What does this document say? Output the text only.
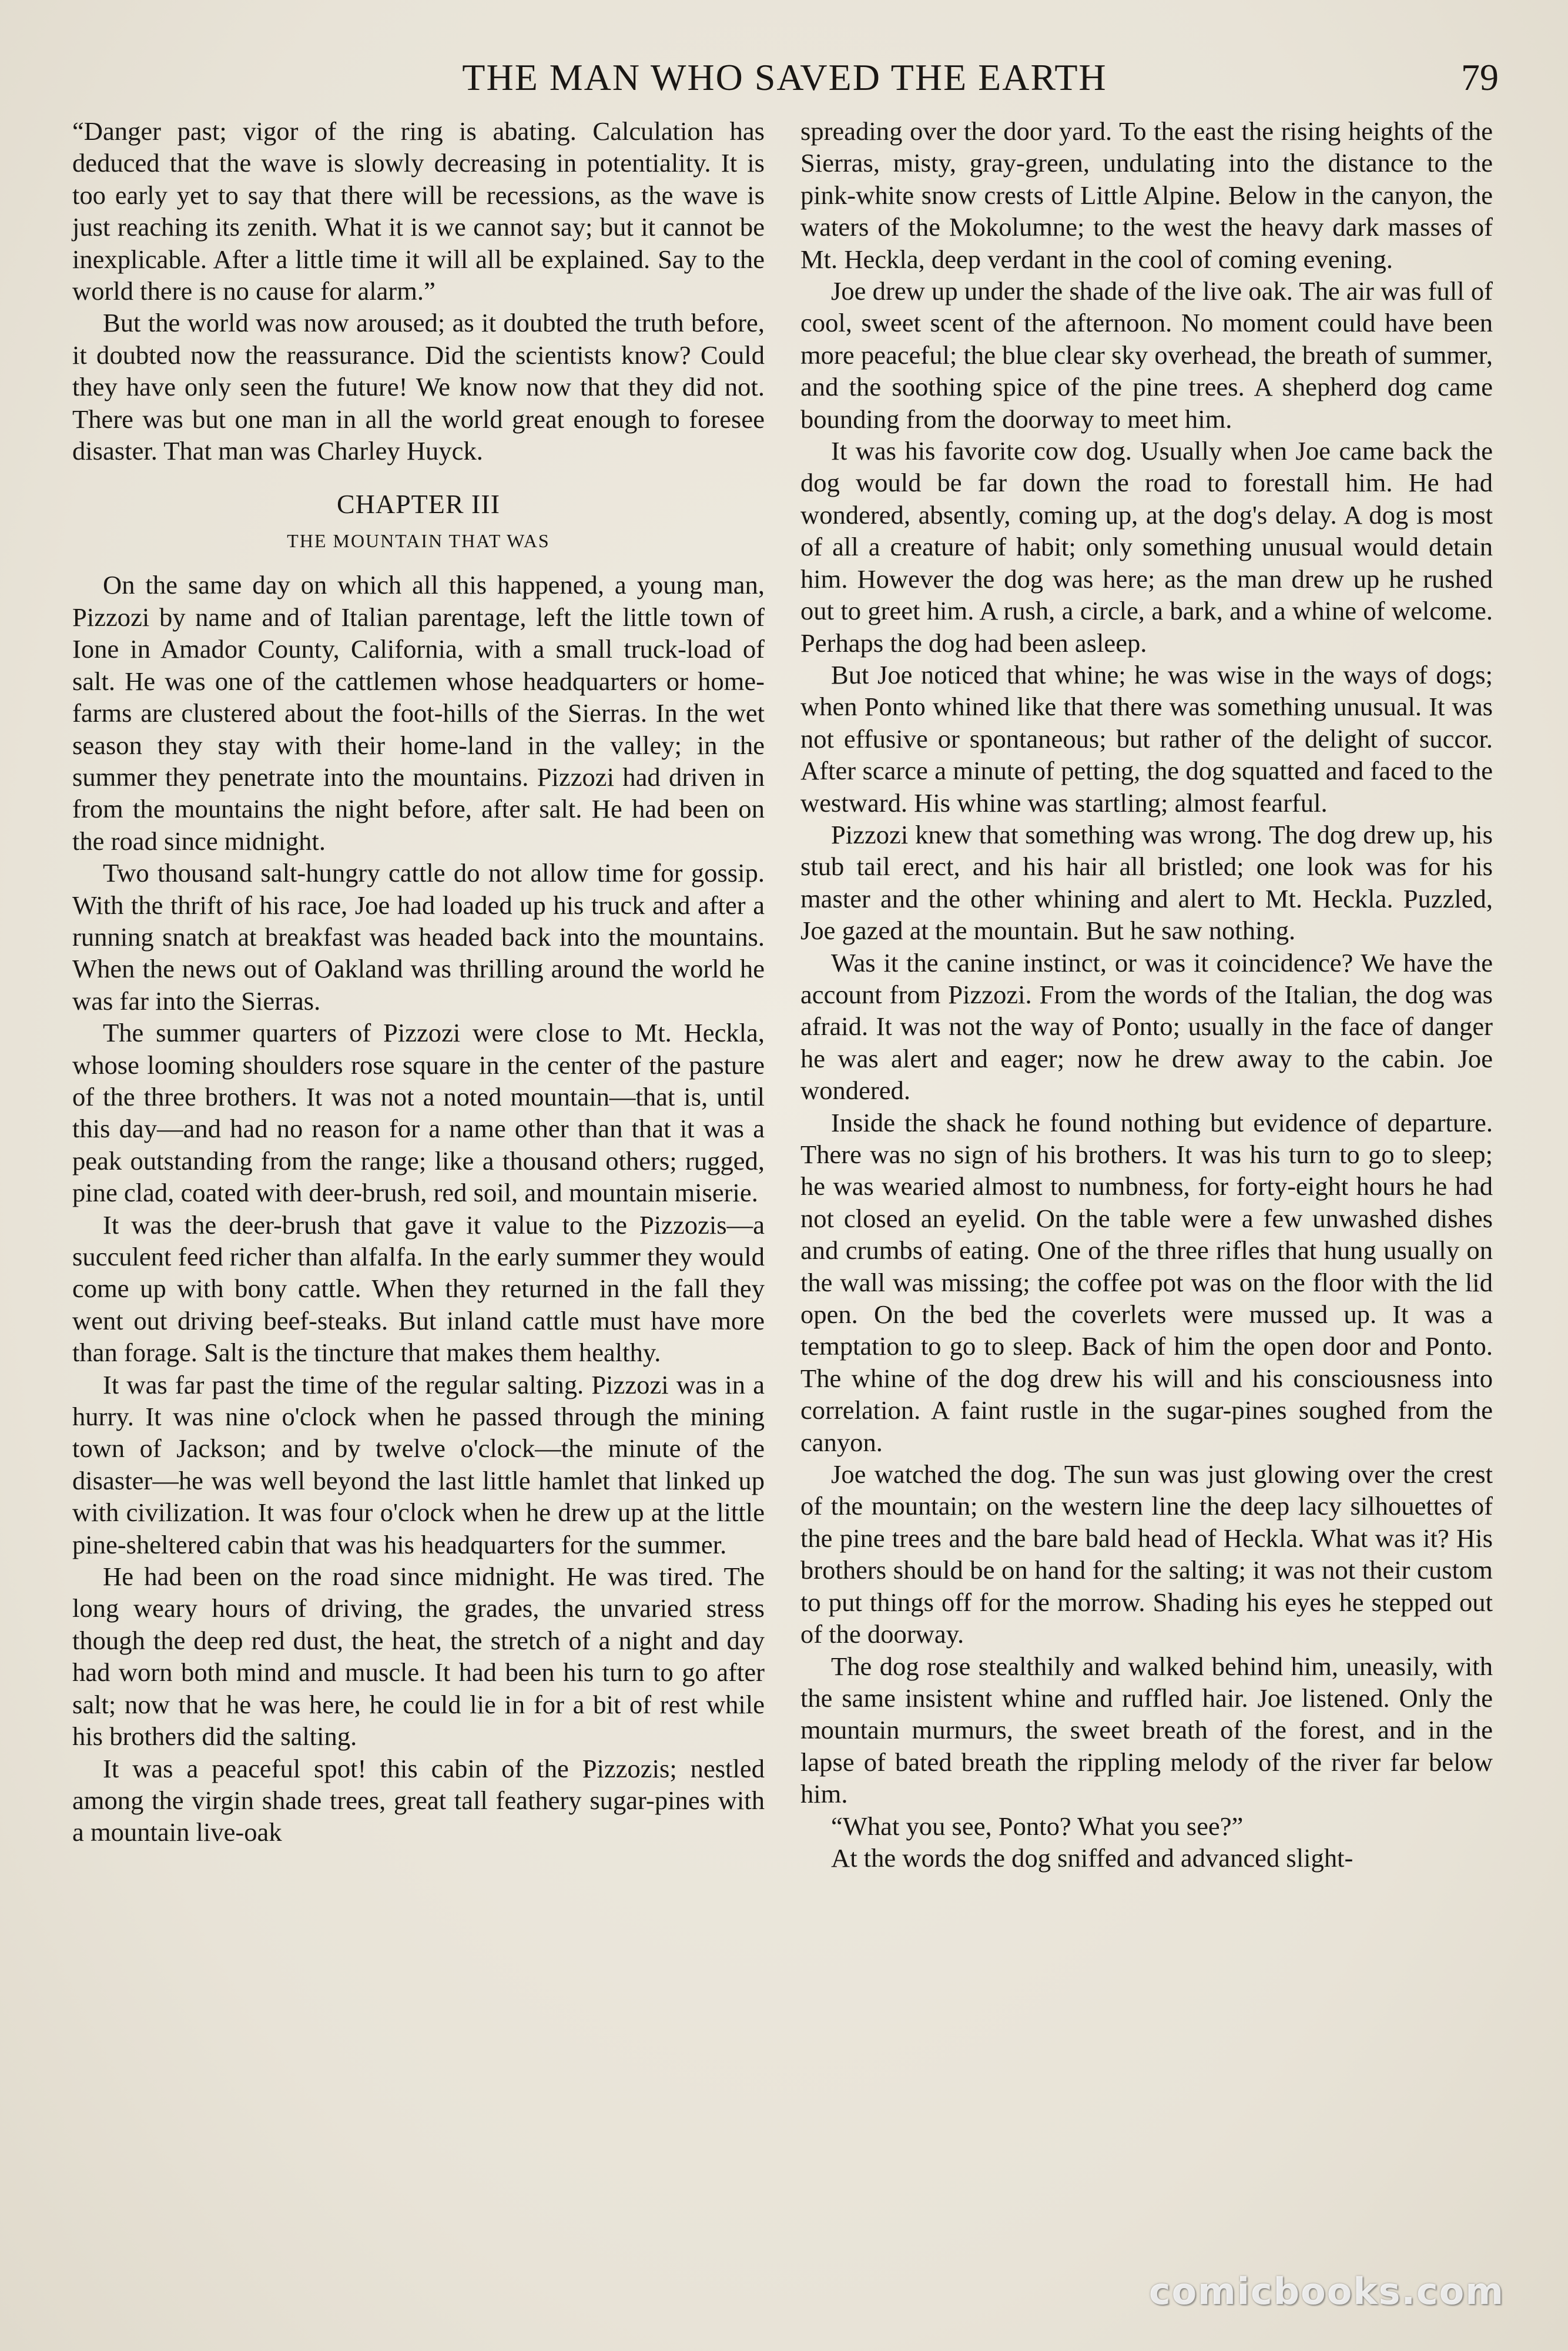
THE MAN WHO SAVED THE EARTH	79

“Danger past; vigor of the ring is abating. Calculation has deduced that the wave is slowly decreasing in potentiality. It is too early yet to say that there will be recessions, as the wave is just reaching its zenith. What it is we cannot say; but it cannot be inexplicable. After a little time it will all be explained. Say to the world there is no cause for alarm.”

But the world was now aroused; as it doubted the truth before, it doubted now the reassurance. Did the scientists know? Could they have only seen the future! We know now that they did not. There was but one man in all the world great enough to foresee disaster. That man was Charley Huyck.

CHAPTER III
THE MOUNTAIN THAT WAS

On the same day on which all this happened, a young man, Pizzozi by name and of Italian parentage, left the little town of Ione in Amador County, California, with a small truck-load of salt. He was one of the cattlemen whose headquarters or home-farms are clustered about the foot-hills of the Sierras. In the wet season they stay with their home-land in the valley; in the summer they penetrate into the mountains. Pizzozi had driven in from the mountains the night before, after salt. He had been on the road since midnight.

Two thousand salt-hungry cattle do not allow time for gossip. With the thrift of his race, Joe had loaded up his truck and after a running snatch at breakfast was headed back into the mountains. When the news out of Oakland was thrilling around the world he was far into the Sierras.

The summer quarters of Pizzozi were close to Mt. Heckla, whose looming shoulders rose square in the center of the pasture of the three brothers. It was not a noted mountain—that is, until this day—and had no reason for a name other than that it was a peak outstanding from the range; like a thousand others; rugged, pine clad, coated with deer-brush, red soil, and mountain miserie.

It was the deer-brush that gave it value to the Pizzozis—a succulent feed richer than alfalfa. In the early summer they would come up with bony cattle. When they returned in the fall they went out driving beef-steaks. But inland cattle must have more than forage. Salt is the tincture that makes them healthy.

It was far past the time of the regular salting. Pizzozi was in a hurry. It was nine o'clock when he passed through the mining town of Jackson; and by twelve o'clock—the minute of the disaster—he was well beyond the last little hamlet that linked up with civilization. It was four o'clock when he drew up at the little pine-sheltered cabin that was his headquarters for the summer.

He had been on the road since midnight. He was tired. The long weary hours of driving, the grades, the unvaried stress though the deep red dust, the heat, the stretch of a night and day had worn both mind and muscle. It had been his turn to go after salt; now that he was here, he could lie in for a bit of rest while his brothers did the salting.

It was a peaceful spot! this cabin of the Pizzozis; nestled among the virgin shade trees, great tall feathery sugar-pines with a mountain live-oak

spreading over the door yard. To the east the rising heights of the Sierras, misty, gray-green, undulating into the distance to the pink-white snow crests of Little Alpine. Below in the canyon, the waters of the Mokolumne; to the west the heavy dark masses of Mt. Heckla, deep verdant in the cool of coming evening.

Joe drew up under the shade of the live oak. The air was full of cool, sweet scent of the afternoon. No moment could have been more peaceful; the blue clear sky overhead, the breath of summer, and the soothing spice of the pine trees. A shepherd dog came bounding from the doorway to meet him.

It was his favorite cow dog. Usually when Joe came back the dog would be far down the road to forestall him. He had wondered, absently, coming up, at the dog's delay. A dog is most of all a creature of habit; only something unusual would detain him. However the dog was here; as the man drew up he rushed out to greet him. A rush, a circle, a bark, and a whine of welcome. Perhaps the dog had been asleep.

But Joe noticed that whine; he was wise in the ways of dogs; when Ponto whined like that there was something unusual. It was not effusive or spontaneous; but rather of the delight of succor. After scarce a minute of petting, the dog squatted and faced to the westward. His whine was startling; almost fearful.

Pizzozi knew that something was wrong. The dog drew up, his stub tail erect, and his hair all bristled; one look was for his master and the other whining and alert to Mt. Heckla. Puzzled, Joe gazed at the mountain. But he saw nothing.

Was it the canine instinct, or was it coincidence? We have the account from Pizzozi. From the words of the Italian, the dog was afraid. It was not the way of Ponto; usually in the face of danger he was alert and eager; now he drew away to the cabin. Joe wondered.

Inside the shack he found nothing but evidence of departure. There was no sign of his brothers. It was his turn to go to sleep; he was wearied almost to numbness, for forty-eight hours he had not closed an eyelid. On the table were a few unwashed dishes and crumbs of eating. One of the three rifles that hung usually on the wall was missing; the coffee pot was on the floor with the lid open. On the bed the coverlets were mussed up. It was a temptation to go to sleep. Back of him the open door and Ponto. The whine of the dog drew his will and his consciousness into correlation. A faint rustle in the sugar-pines soughed from the canyon.

Joe watched the dog. The sun was just glowing over the crest of the mountain; on the western line the deep lacy silhouettes of the pine trees and the bare bald head of Heckla. What was it? His brothers should be on hand for the salting; it was not their custom to put things off for the morrow. Shading his eyes he stepped out of the doorway.

The dog rose stealthily and walked behind him, uneasily, with the same insistent whine and ruffled hair. Joe listened. Only the mountain murmurs, the sweet breath of the forest, and in the lapse of bated breath the rippling melody of the river far below him.

“What you see, Ponto? What you see?”

At the words the dog sniffed and advanced slight-

comicbooks.com
